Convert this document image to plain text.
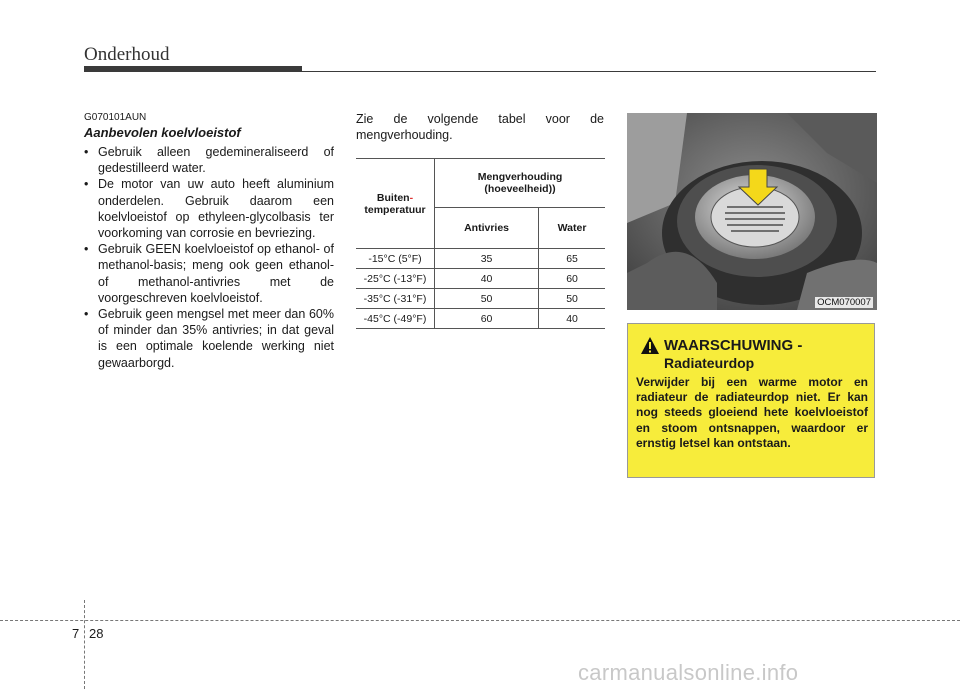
Onderhoud
G070101AUN
Aanbevolen koelvloeistof
• Gebruik alleen gedemineraliseerd of gedestilleerd water.
• De motor van uw auto heeft aluminium onderdelen. Gebruik daarom een koelvloeistof op ethyleen-glycolbasis ter voorkoming van corrosie en bevriezing.
• Gebruik GEEN koelvloeistof op ethanol- of methanol-basis; meng ook geen ethanol- of methanol-antivries met de voorgeschreven koelvloeistof.
• Gebruik geen mengsel met meer dan 60% of minder dan 35% antivries; in dat geval is een optimale koelende werking niet gewaarborgd.
Zie de volgende tabel voor de mengverhouding.
Buiten-
temperatuur	Mengverhouding
(hoeveelheid))	
	Antivries	Water
-15°C (5°F)	35	65
-25°C (-13°F)	40	60
-35°C (-31°F)	50	50
-45°C (-49°F)	60	40
OCM070007
WAARSCHUWING -
Radiateurdop
Verwijder bij een warme motor en radiateur de radiateurdop niet. Er kan nog steeds gloeiend hete koelvloeistof en stoom ontsnappen, waardoor er ernstig letsel kan ontstaan.
7 28
carmanualsonline.info
